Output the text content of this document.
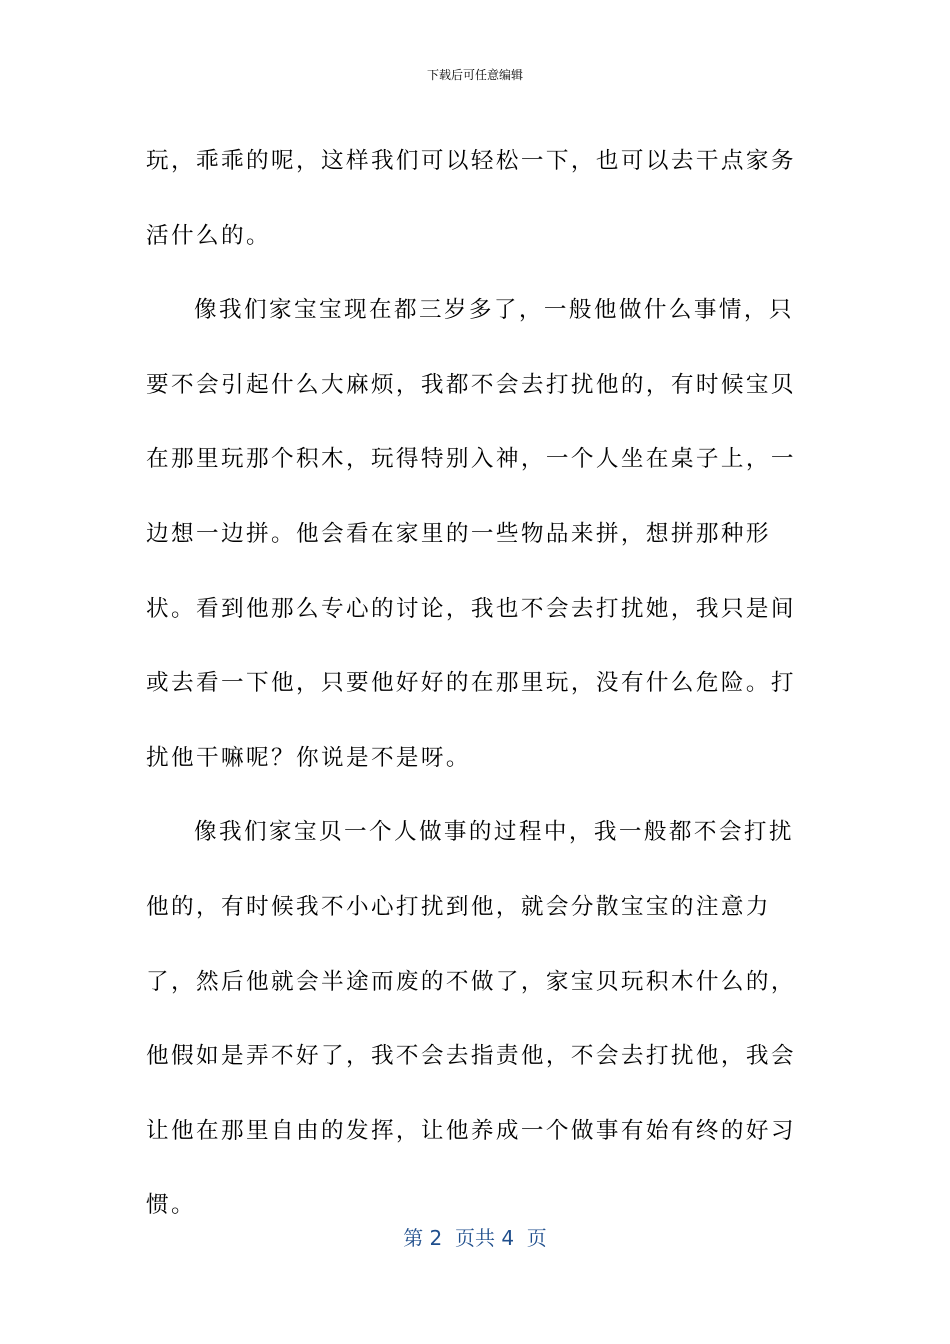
下载后可任意编辑

玩，乖乖的呢，这样我们可以轻松一下，也可以去干点家务活什么的。

像我们家宝宝现在都三岁多了，一般他做什么事情，只要不会引起什么大麻烦，我都不会去打扰他的，有时候宝贝在那里玩那个积木，玩得特别入神，一个人坐在桌子上，一边想一边拼。他会看在家里的一些物品来拼，想拼那种形状。看到他那么专心的讨论，我也不会去打扰她，我只是间或去看一下他，只要他好好的在那里玩，没有什么危险。打扰他干嘛呢？你说是不是呀。

像我们家宝贝一个人做事的过程中，我一般都不会打扰他的，有时候我不小心打扰到他，就会分散宝宝的注意力了，然后他就会半途而废的不做了，家宝贝玩积木什么的，他假如是弄不好了，我不会去指责他，不会去打扰他，我会让他在那里自由的发挥，让他养成一个做事有始有终的好习惯。

第 2  页共 4  页
